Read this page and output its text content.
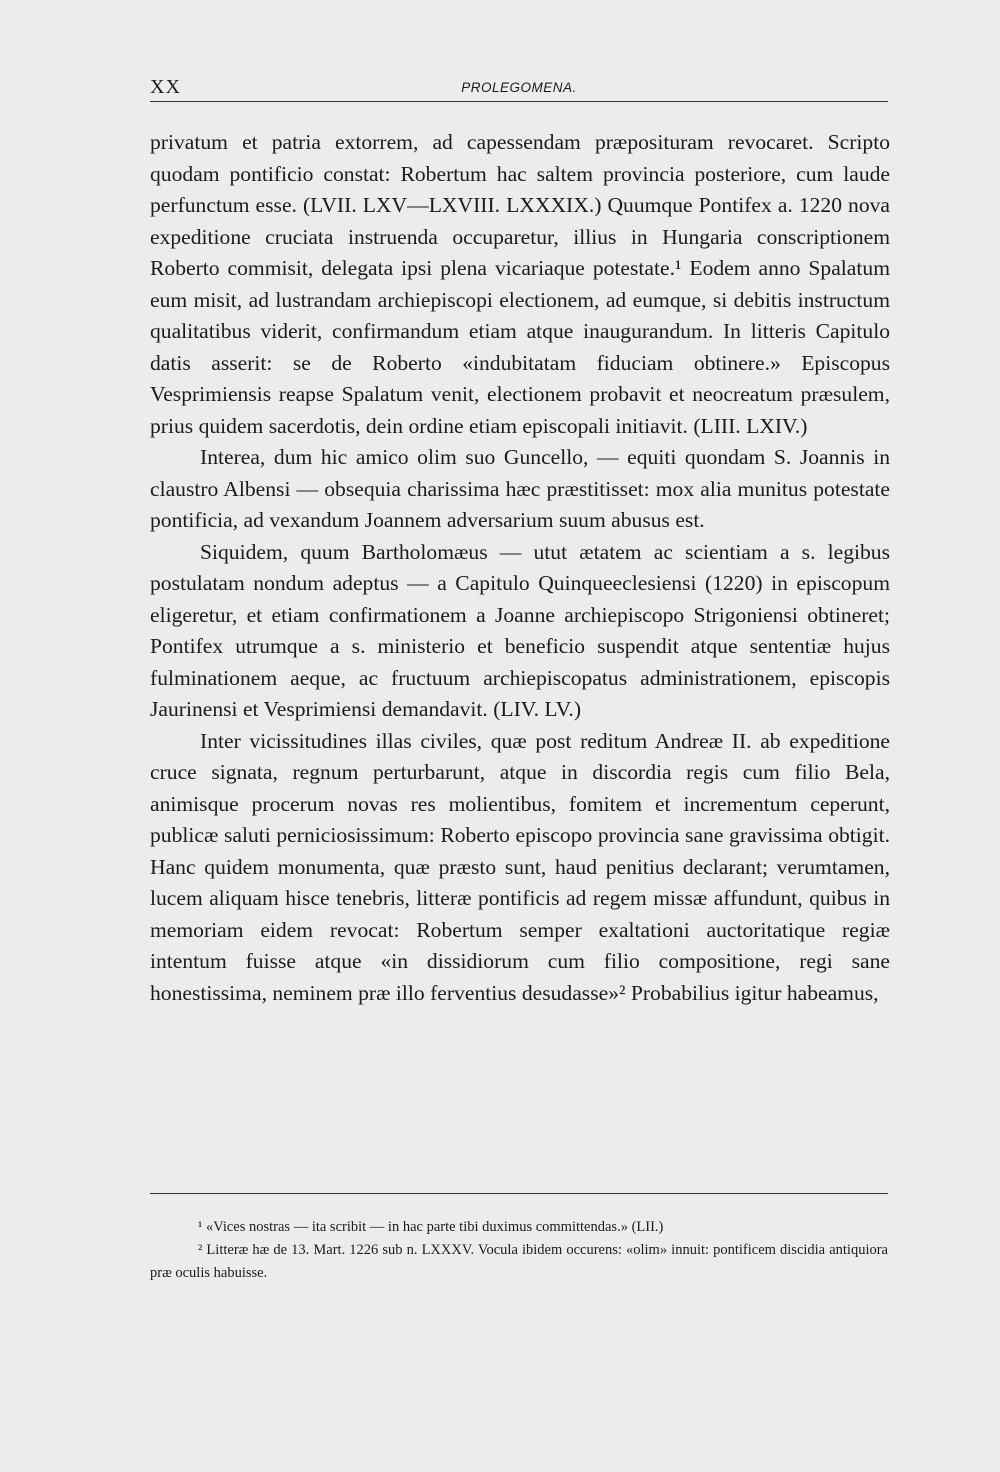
XX	PROLEGOMENA.

privatum et patria extorrem, ad capessendam præposituram revocaret. Scripto quodam pontificio constat: Robertum hac saltem provincia posteriore, cum laude perfunctum esse. (LVII. LXV—LXVIII. LXXXIX.) Quumque Pontifex a. 1220 nova expeditione cruciata instruenda occuparetur, illius in Hungaria conscriptionem Roberto commisit, delegata ipsi plena vicariaque potestate.¹ Eodem anno Spalatum eum misit, ad lustrandam archiepiscopi electionem, ad eumque, si debitis instructum qualitatibus viderit, confirmandum etiam atque inaugurandum. In litteris Capitulo datis asserit: se de Roberto «indubitatam fiduciam obtinere.» Episcopus Vesprimiensis reapse Spalatum venit, electionem probavit et neocreatum præsulem, prius quidem sacerdotis, dein ordine etiam episcopali initiavit. (LIII. LXIV.)

Interea, dum hic amico olim suo Guncello, — equiti quondam S. Joannis in claustro Albensi — obsequia charissima hæc præstitisset: mox alia munitus potestate pontificia, ad vexandum Joannem adversarium suum abusus est.

Siquidem, quum Bartholomæus — utut ætatem ac scientiam a s. legibus postulatam nondum adeptus — a Capitulo Quinqueeclesiensi (1220) in episcopum eligeretur, et etiam confirmationem a Joanne archiepiscopo Strigoniensi obtineret; Pontifex utrumque a s. ministerio et beneficio suspendit atque sententiæ hujus fulminationem aeque, ac fructuum archiepiscopatus administrationem, episcopis Jaurinensi et Vesprimiensi demandavit. (LIV. LV.)

Inter vicissitudines illas civiles, quæ post reditum Andreæ II. ab expeditione cruce signata, regnum perturbarunt, atque in discordia regis cum filio Bela, animisque procerum novas res molientibus, fomitem et incrementum ceperunt, publicæ saluti perniciosissimum: Roberto episcopo provincia sane gravissima obtigit. Hanc quidem monumenta, quæ præsto sunt, haud penitius declarant; verumtamen, lucem aliquam hisce tenebris, litteræ pontificis ad regem missæ affundunt, quibus in memoriam eidem revocat: Robertum semper exaltationi auctoritatique regiæ intentum fuisse atque «in dissidiorum cum filio compositione, regi sane honestissima, neminem præ illo ferventius desudasse»² Probabilius igitur habeamus,

¹ «Vices nostras — ita scribit — in hac parte tibi duximus committendas.» (LII.)

² Litteræ hæ de 13. Mart. 1226 sub n. LXXXV. Vocula ibidem occurens: «olim» innuit: pontificem discidia antiquiora præ oculis habuisse.
